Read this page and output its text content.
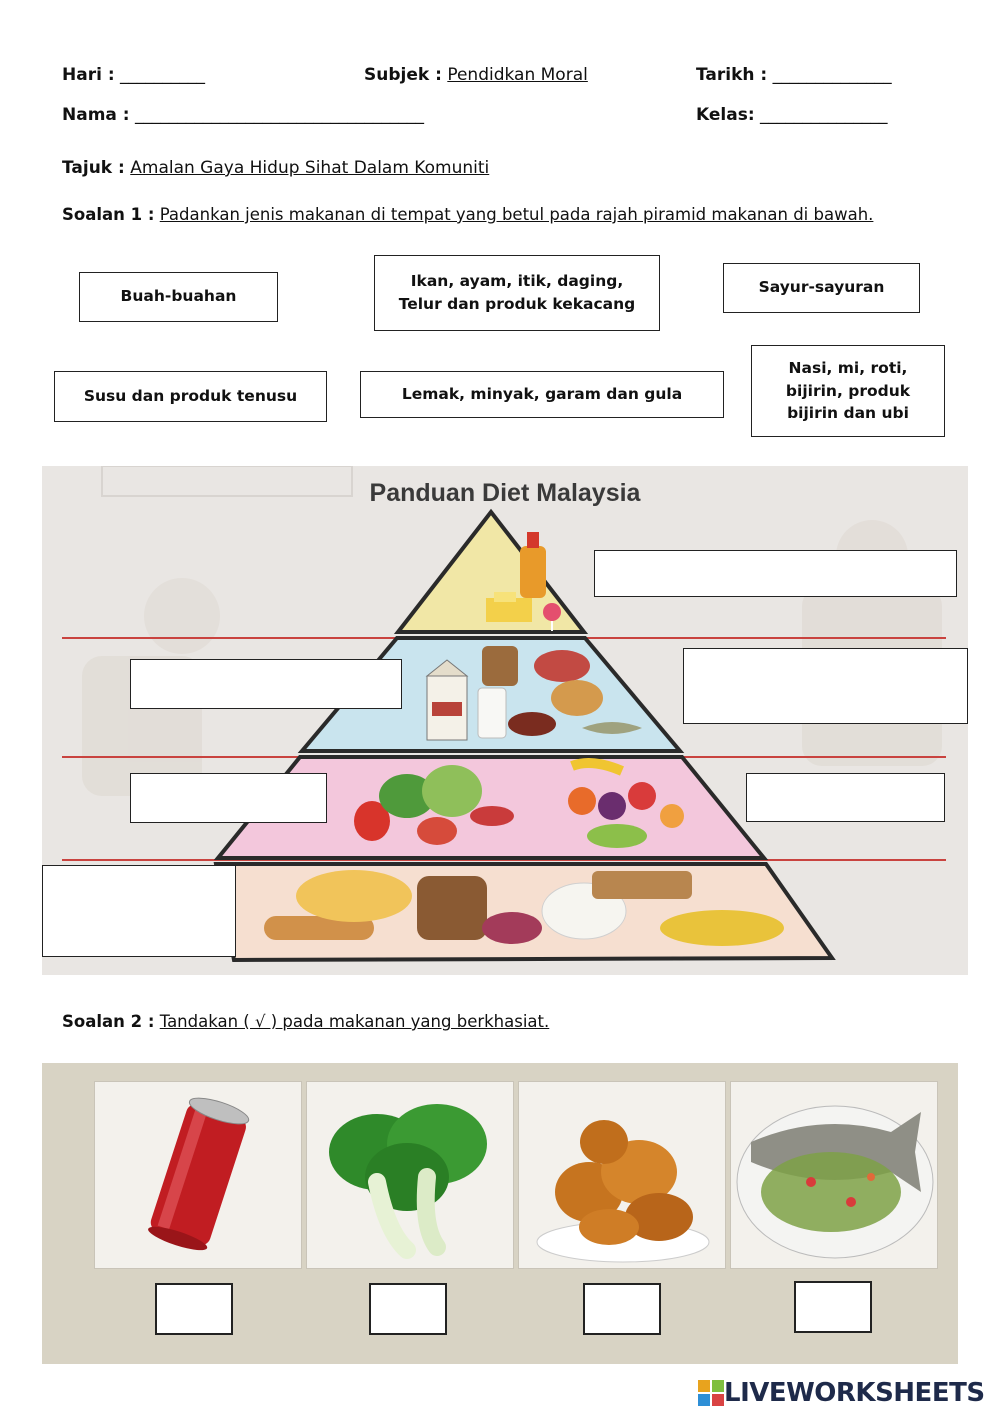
Hari : __________	Subjek : Pendidkan Moral	Tarikh : ______________
Nama : __________________________________	Kelas: _______________
Tajuk : Amalan Gaya Hidup Sihat Dalam Komuniti
Soalan 1 : Padankan jenis makanan di tempat yang betul pada rajah piramid makanan di bawah.
Buah-buahan
Ikan, ayam, itik, daging,
Telur dan produk kekacang
Sayur-sayuran
Susu dan produk tenusu	Lemak, minyak, garam dan gula
Nasi, mi, roti,
bijirin, produk
bijirin dan ubi
Panduan Diet Malaysia
Soalan 2 : Tandakan ( √ ) pada makanan yang berkhasiat.
LIVEWORKSHEETS
